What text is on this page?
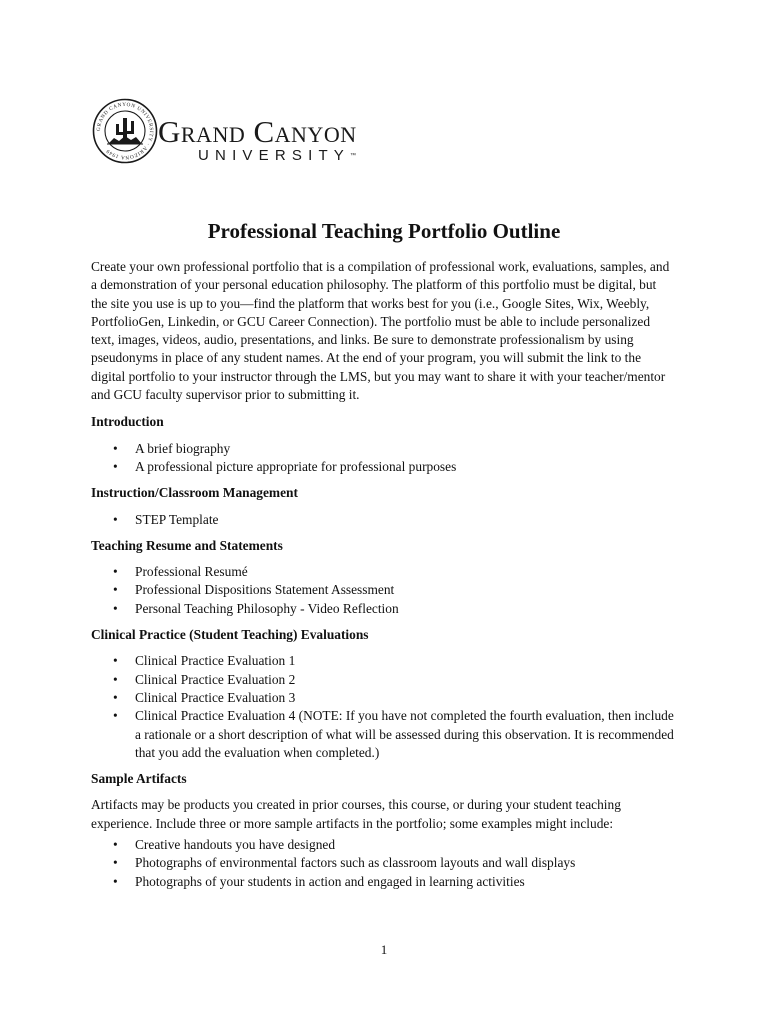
GRAND CANYON UNIVERSITY · ARIZONA 1949
Grand Canyon
UNIVERSITY™
Professional Teaching Portfolio Outline

Create your own professional portfolio that is a compilation of professional work, evaluations, samples, and a demonstration of your personal education philosophy. The platform of this portfolio must be digital, but the site you use is up to you—find the platform that works best for you (i.e., Google Sites, Wix, Weebly, PortfolioGen, Linkedin, or GCU Career Connection). The portfolio must be able to include personalized text, images, videos, audio, presentations, and links. Be sure to demonstrate professionalism by using pseudonyms in place of any student names. At the end of your program, you will submit the link to the digital portfolio to your instructor through the LMS, but you may want to share it with your teacher/mentor and GCU faculty supervisor prior to submitting it.

Introduction

• A brief biography
• A professional picture appropriate for professional purposes

Instruction/Classroom Management

• STEP Template

Teaching Resume and Statements

• Professional Resumé
• Professional Dispositions Statement Assessment
• Personal Teaching Philosophy - Video Reflection

Clinical Practice (Student Teaching) Evaluations

• Clinical Practice Evaluation 1
• Clinical Practice Evaluation 2
• Clinical Practice Evaluation 3
• Clinical Practice Evaluation 4 (NOTE: If you have not completed the fourth evaluation, then include a rationale or a short description of what will be assessed during this observation. It is recommended that you add the evaluation when completed.)

Sample Artifacts

Artifacts may be products you created in prior courses, this course, or during your student teaching experience. Include three or more sample artifacts in the portfolio; some examples might include:

• Creative handouts you have designed
• Photographs of environmental factors such as classroom layouts and wall displays
• Photographs of your students in action and engaged in learning activities
1
